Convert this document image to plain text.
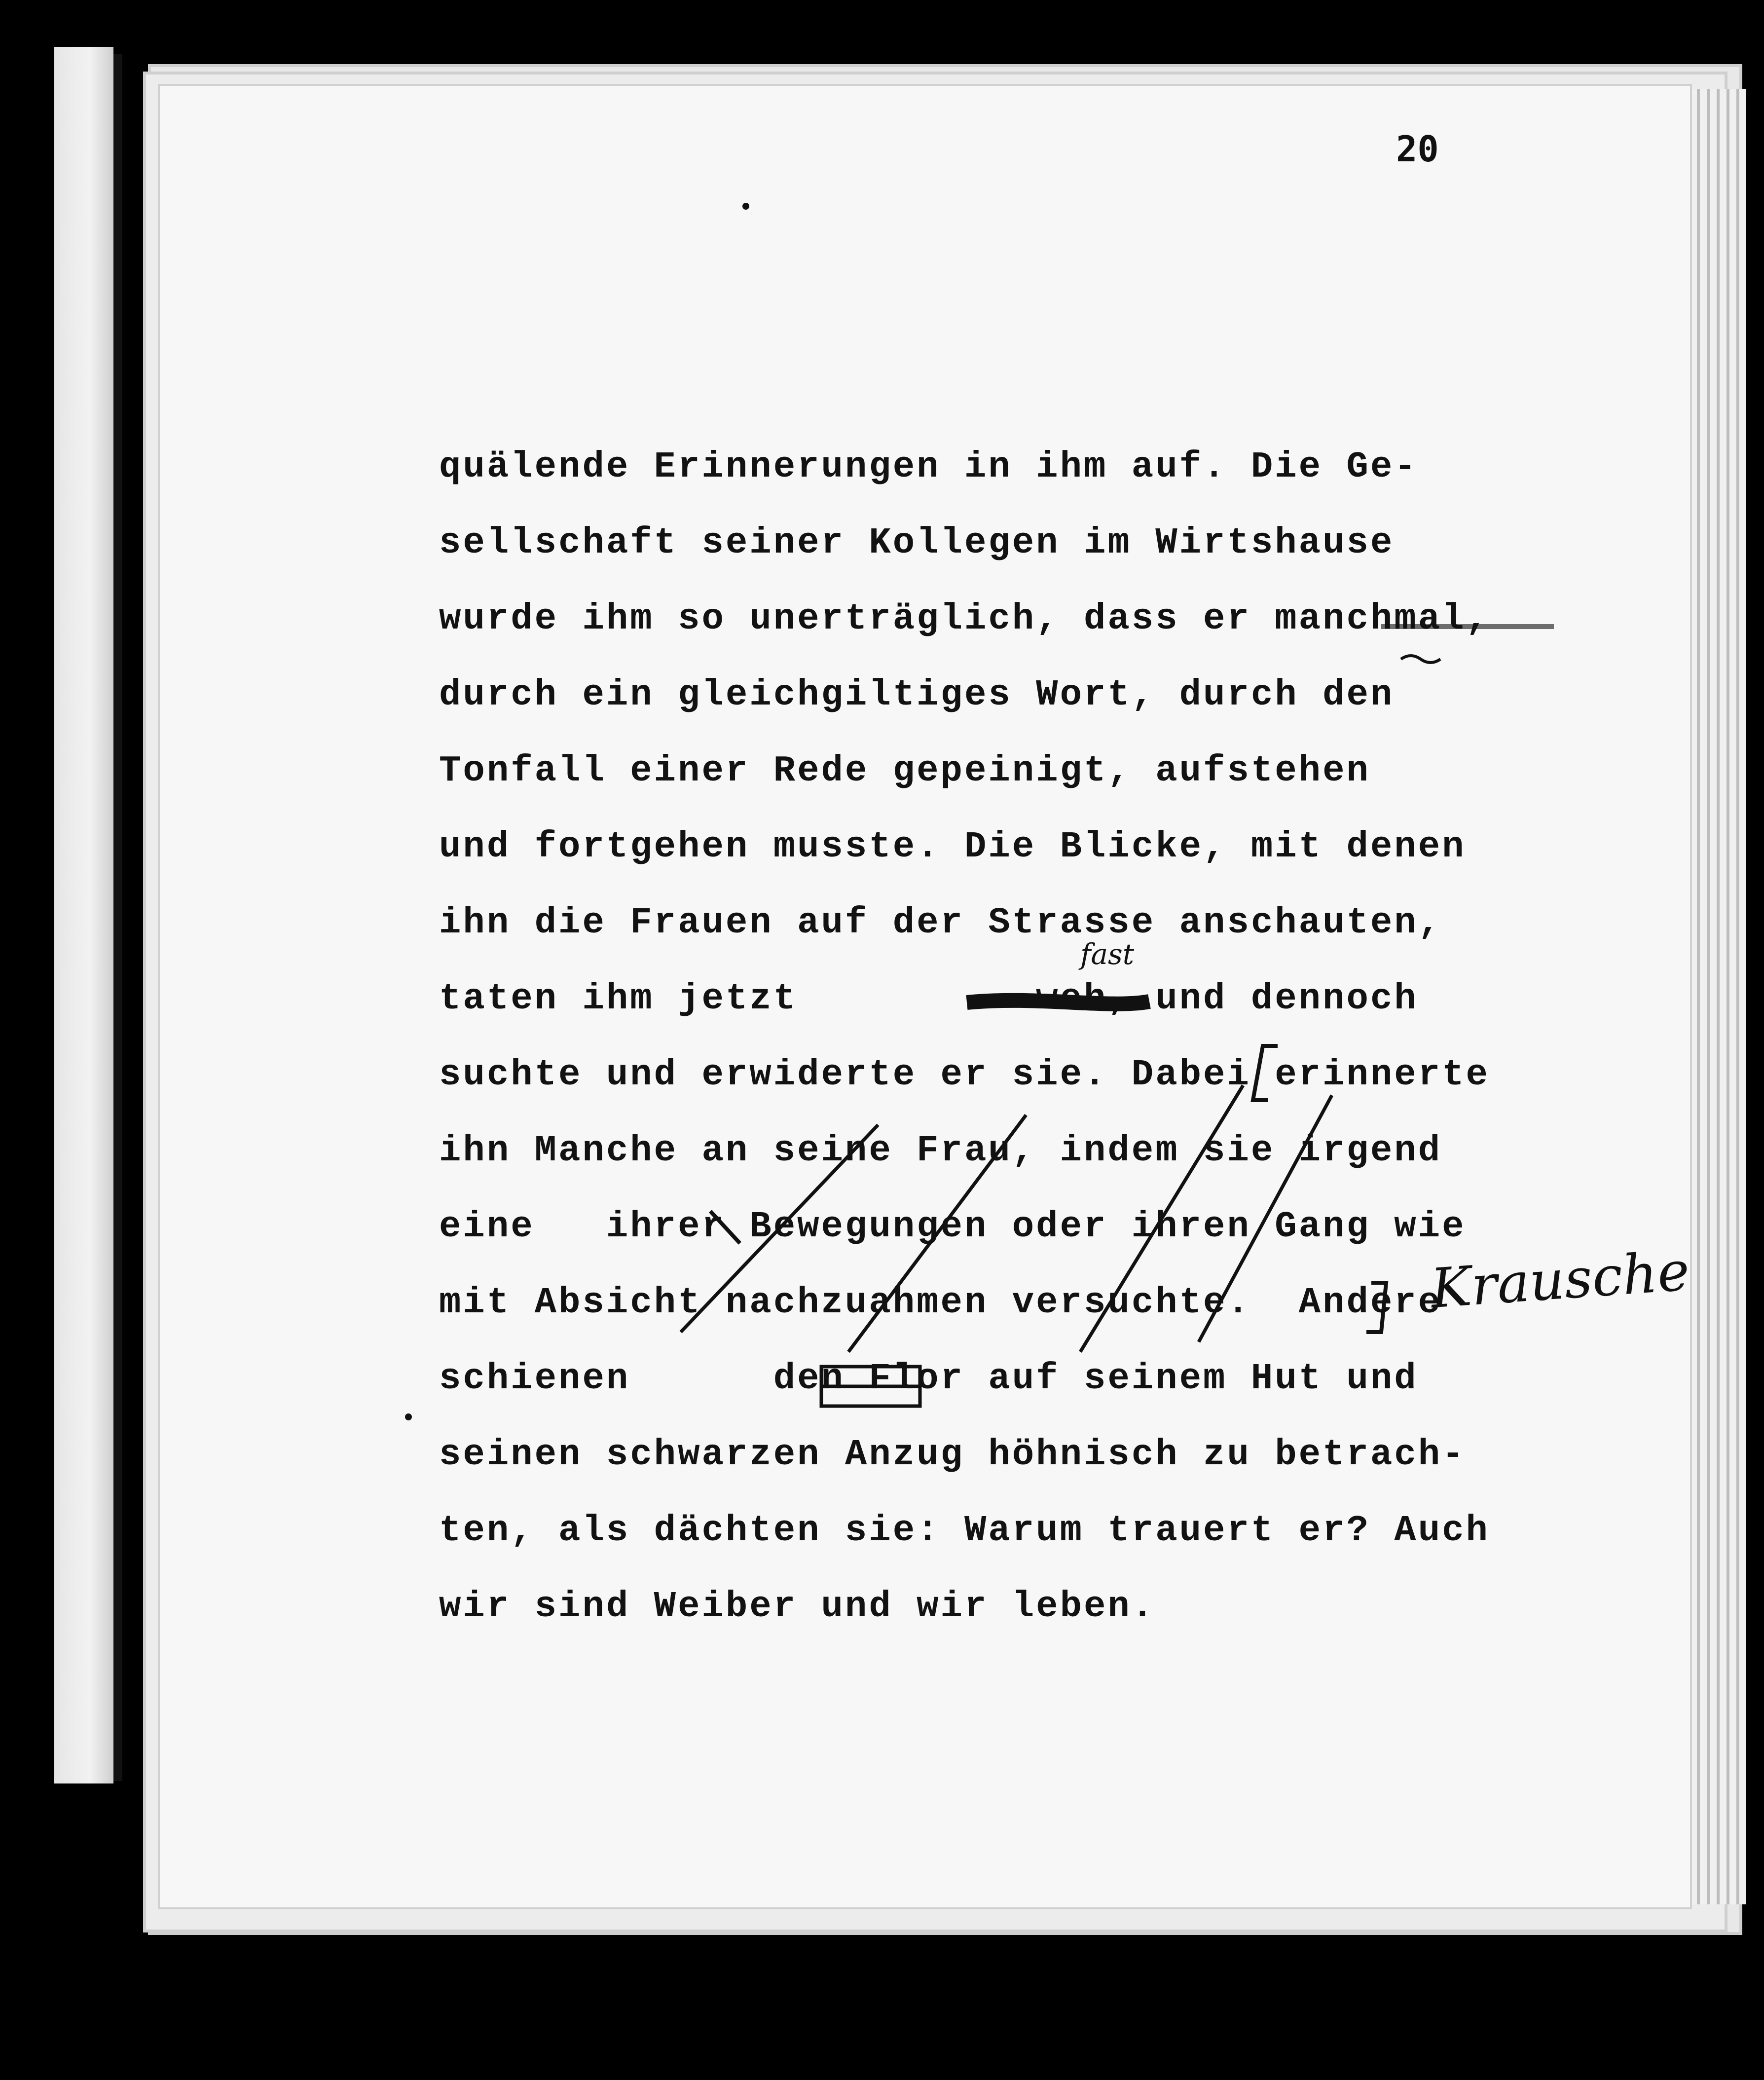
20
quälende Erinnerungen in ihm auf. Die Ge-
sellschaft seiner Kollegen im Wirtshause
wurde ihm so unerträglich, dass er manchmal,
durch ein gleichgiltiges Wort, durch den
Tonfall einer Rede gepeinigt, aufstehen
und fortgehen musste. Die Blicke, mit denen
ihn die Frauen auf der Strasse anschauten,
taten ihm jetzt          weh, und dennoch
suchte und erwiderte er sie. Dabei erinnerte
ihn Manche an seine Frau, indem sie irgend
eine   ihrer Bewegungen oder ihren Gang wie
mit Absicht nachzuahmen versuchte.  Andere
schienen      den Flor auf seinem Hut und
seinen schwarzen Anzug höhnisch zu betrach-
ten, als dächten sie: Warum trauert er? Auch
wir sind Weiber und wir leben.
fast
Krausche
